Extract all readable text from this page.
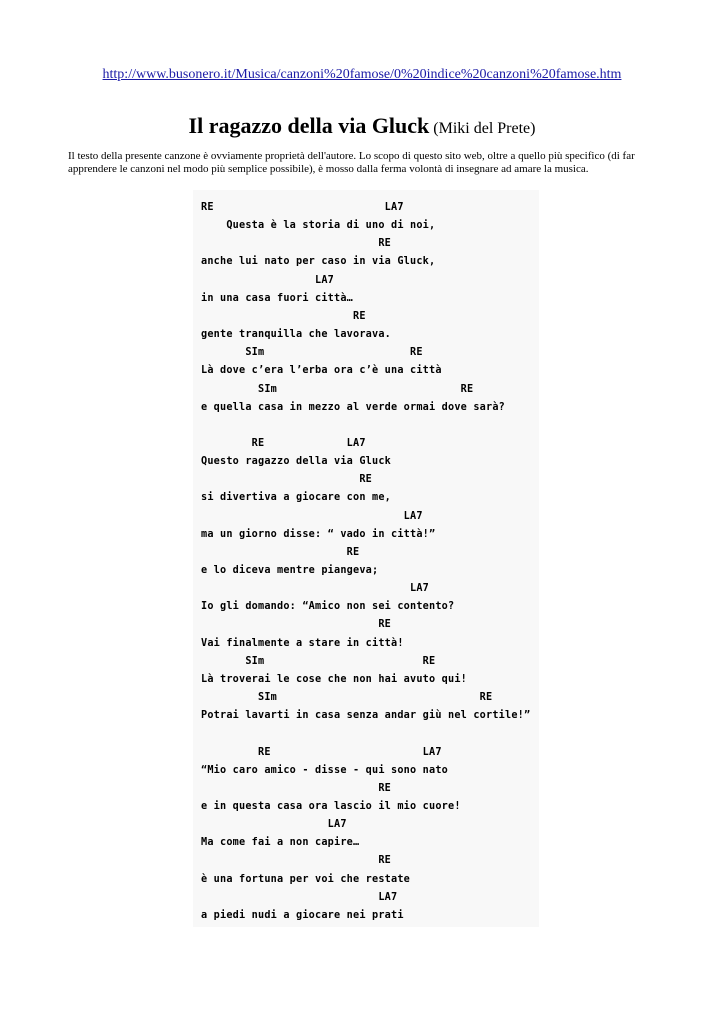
http://www.busonero.it/Musica/canzoni%20famose/0%20indice%20canzoni%20famose.htm
Il ragazzo della via Gluck (Miki del Prete)
Il testo della presente canzone è ovviamente proprietà dell'autore. Lo scopo di questo sito web, oltre a quello più specifico (di far apprendere le canzoni nel modo più semplice possibile), è mosso dalla ferma volontà di insegnare ad amare la musica.
RE                           LA7
Questa è la storia di uno di noi,
RE
anche lui nato per caso in via Gluck,
LA7
in una casa fuori città…
RE
gente tranquilla che lavorava.
SIm                       RE
Là dove c’era l’erba ora c’è una città
SIm                             RE
e quella casa in mezzo al verde ormai dove sarà?
RE             LA7
Questo ragazzo della via Gluck
RE
si divertiva a giocare con me,
LA7
ma un giorno disse: “ vado in città!”
RE
e lo diceva mentre piangeva;
LA7
Io gli domando: “Amico non sei contento?
RE
Vai finalmente a stare in città!
SIm                         RE
Là troverai le cose che non hai avuto qui!
SIm                                RE
Potrai lavarti in casa senza andar giù nel cortile!”
RE                        LA7
“Mio caro amico - disse - qui sono nato
RE
e in questa casa ora lascio il mio cuore!
LA7
Ma come fai a non capire…
RE
è una fortuna per voi che restate
LA7
a piedi nudi a giocare nei prati
